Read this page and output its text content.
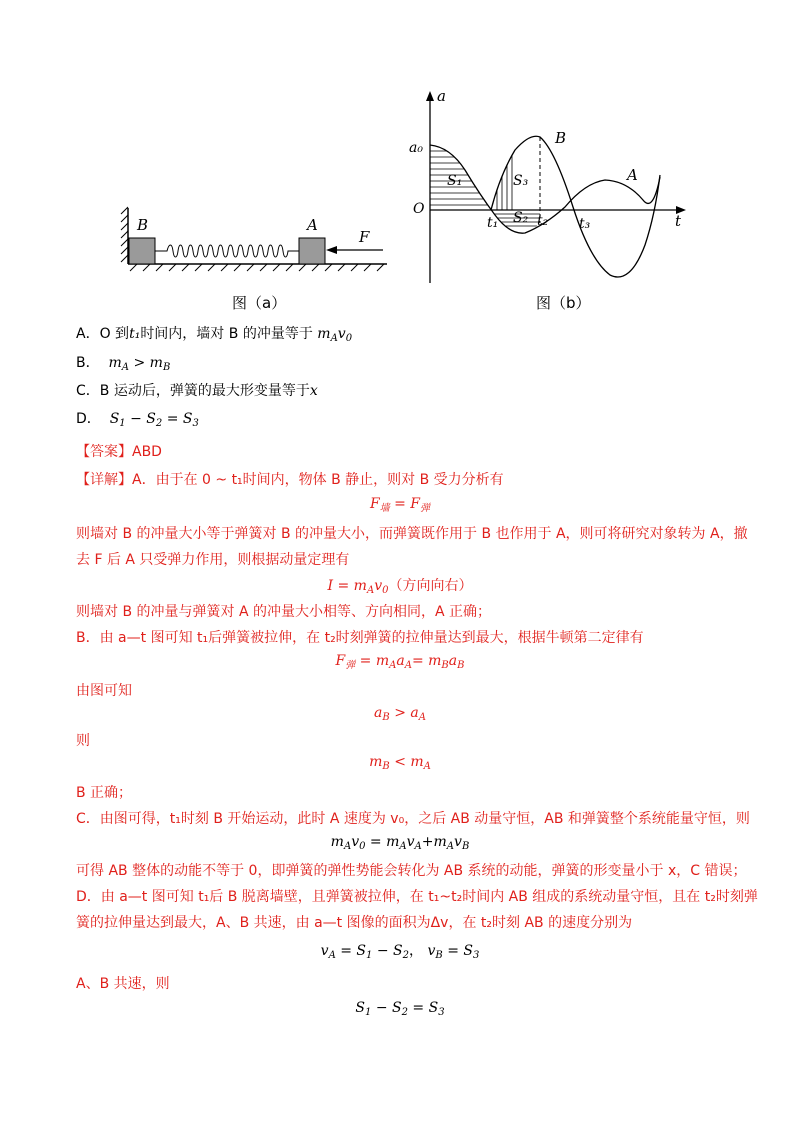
B	A
F
图（a）
a
t
O
a₀
S₁	S₃
S₂
t₁	t₂ t₃
B
A
图（b）
A．O 到t₁时间内，墙对 B 的冲量等于 $m_Av_0$
B． $m_A > m_B$
C．B 运动后，弹簧的最大形变量等于x
D． $S_1 - S_2 = S_3$
【答案】ABD
【详解】A．由于在 0 ~ t₁时间内，物体 B 静止，则对 B 受力分析有
$F_墙 = F_弹$
则墙对 B 的冲量大小等于弹簧对 B 的冲量大小，而弹簧既作用于 B 也作用于 A，则可将研究对象转为 A，撤
去 F 后 A 只受弹力作用，则根据动量定理有
$I = m_Av_0$（方向向右）
则墙对 B 的冲量与弹簧对 A 的冲量大小相等、方向相同，A 正确；
B．由 a—t 图可知 t₁后弹簧被拉伸，在 t₂时刻弹簧的拉伸量达到最大，根据牛顿第二定律有
$F_弹 = m_Aa_A= m_Ba_B$
由图可知
$a_B > a_A$
则
$m_B < m_A$
B 正确；
C．由图可得，t₁时刻 B 开始运动，此时 A 速度为 v₀，之后 AB 动量守恒，AB 和弹簧整个系统能量守恒，则
$m_Av_0 = m_Av_A+m_Av_B$
可得 AB 整体的动能不等于 0，即弹簧的弹性势能会转化为 AB 系统的动能，弹簧的形变量小于 x，C 错误；
D．由 a—t 图可知 t₁后 B 脱离墙壁，且弹簧被拉伸，在 t₁~t₂时间内 AB 组成的系统动量守恒，且在 t₂时刻弹
簧的拉伸量达到最大，A、B 共速，由 a—t 图像的面积为Δv，在 t₂时刻 AB 的速度分别为
$v_A = S_1 - S_2$， $v_B = S_3$
A、B 共速，则
$S_1 - S_2 = S_3$
